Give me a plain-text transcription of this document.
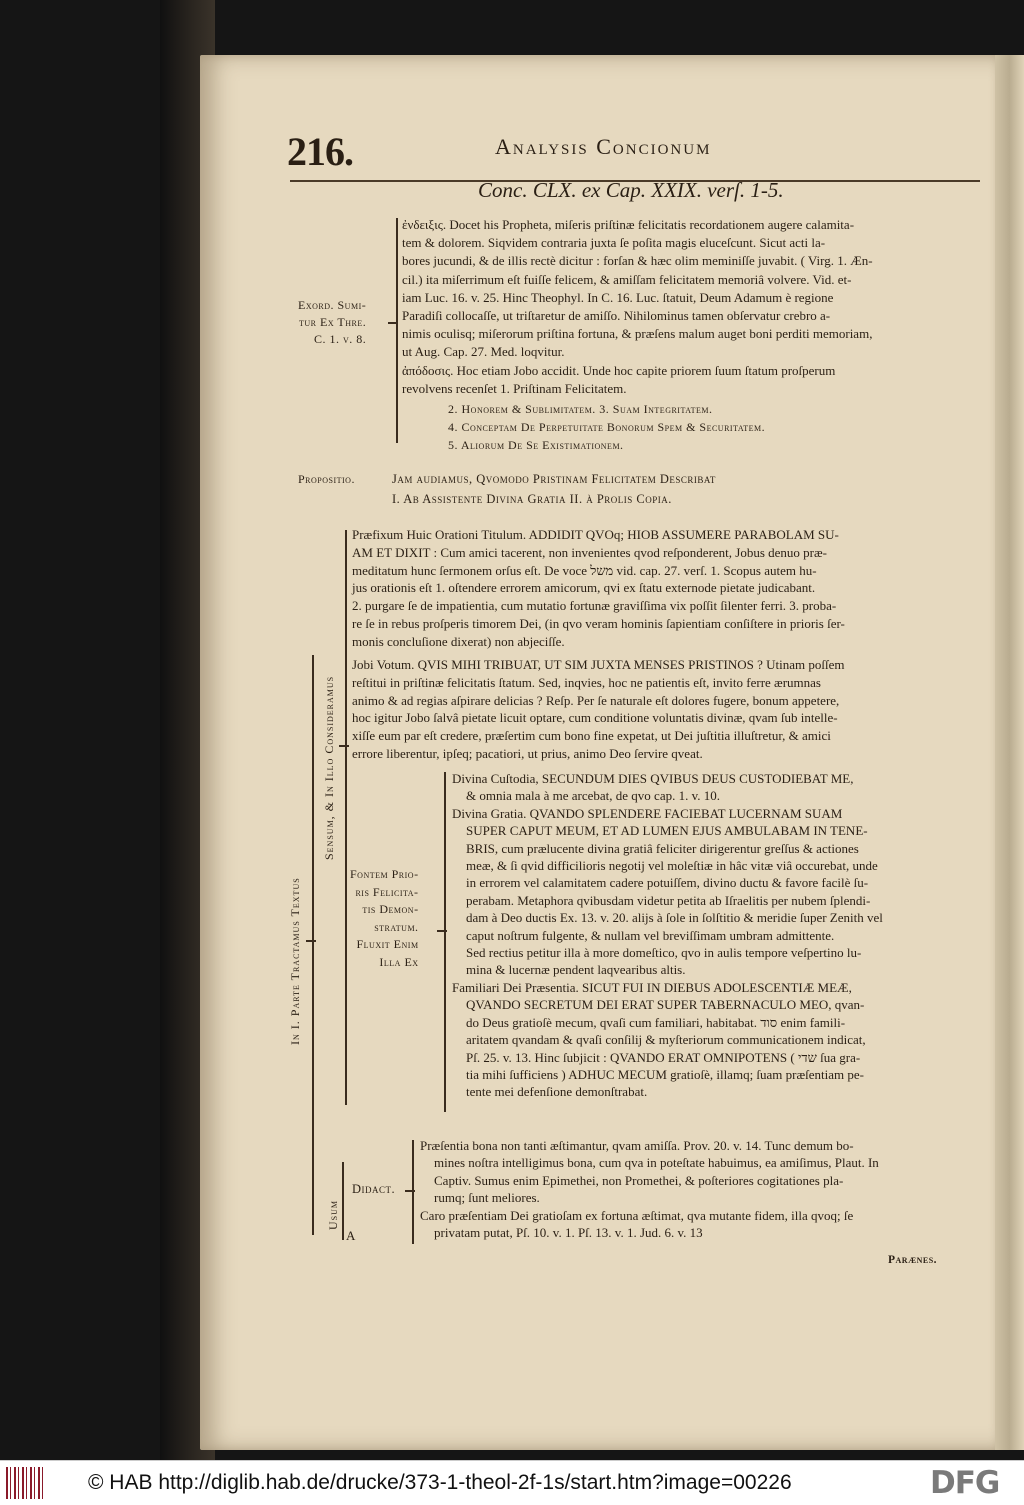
216.	Analysis Concionum
Conc. CLX. ex Cap. XXIX. verſ. 1-5.
Exord. Sumi-
tur Ex Thre.
C. 1. v. 8.
ἐνδειξις. Docet his Propheta, miſeris priſtinæ felicitatis recordationem augere calamita-
tem & dolorem. Siqvidem contraria juxta ſe poſita magis eluceſcunt. Sicut acti la-
bores jucundi, & de illis rectè dicitur : forſan & hæc olim meminiſſe juvabit. ( Virg. 1. Æn-
cil.) ita miſerrimum eſt fuiſſe felicem, & amiſſam felicitatem memoriâ volvere. Vid. et-
iam Luc. 16. v. 25. Hinc Theophyl. In C. 16. Luc. ſtatuit, Deum Adamum è regione
Paradiſi collocaſſe, ut triſtaretur de amiſſo. Nihilominus tamen obſervatur crebro a-
nimis oculisq; miſerorum priſtina fortuna, & præſens malum auget boni perditi memoriam,
ut Aug. Cap. 27. Med. loqvitur.
ἀπόδοσις. Hoc etiam Jobo accidit. Unde hoc capite priorem ſuum ſtatum proſperum
revolvens recenſet 1. Priſtinam Felicitatem.
2. Honorem & Sublimitatem. 3. Suam Integritatem.
4. Conceptam De Perpetuitate Bonorum Spem & Securitatem.
5. Aliorum De Se Exiſtimationem.
Propositio.	Jam audiamus, Qvomodo Priſtinam Felicitatem Deſcribat
I. Ab Aſſiſtente Divina Gratia II. à Prolis Copia.
In I. Parte Tractamus Textus
Senſum, & In Illo Conſideramus
Præfixum Huic Orationi Titulum. ADDIDIT QVOq; HIOB ASSUMERE PARABOLAM SU-
AM ET DIXIT : Cum amici tacerent, non invenientes qvod reſponderent, Jobus denuo præ-
meditatum hunc ſermonem orſus eſt. De voce משל vid. cap. 27. verſ. 1. Scopus autem hu-
jus orationis eſt 1. oſtendere errorem amicorum, qvi ex ſtatu externode pietate judicabant.
2. purgare ſe de impatientia, cum mutatio fortunæ graviſſima vix poſſit ſilenter ferri. 3. proba-
re ſe in rebus proſperis timorem Dei, (in qvo veram hominis ſapientiam conſiſtere in prioris ſer-
monis concluſione dixerat) non abjeciſſe.
Jobi Votum. QVIS MIHI TRIBUAT, UT SIM JUXTA MENSES PRISTINOS ? Utinam poſſem
reſtitui in priſtinæ felicitatis ſtatum. Sed, inqvies, hoc ne patientis eſt, invito ferre ærumnas
animo & ad regias aſpirare delicias ? Reſp. Per ſe naturale eſt dolores fugere, bonum appetere,
hoc igitur Jobo ſalvâ pietate licuit optare, cum conditione voluntatis divinæ, qvam ſub intelle-
xiſſe eum par eſt credere, præſertim cum bono fine expetat, ut Dei juſtitia illuſtretur, & amici
errore liberentur, ipſeq; pacatiori, ut prius, animo Deo ſervire qveat.
Fontem Prio-
ris Felicita-
tis Demon-
stratum.
Fluxit Enim
Illa Ex
Divina Cuſtodia, SECUNDUM DIES QVIBUS DEUS CUSTODIEBAT ME,
& omnia mala à me arcebat, de qvo cap. 1. v. 10.
Divina Gratia. QVANDO SPLENDERE FACIEBAT LUCERNAM SUAM
SUPER CAPUT MEUM, ET AD LUMEN EJUS AMBULABAM IN TENE-
BRIS, cum prælucente divina gratiâ feliciter dirigerentur greſſus & actiones
meæ, & ſi qvid difficilioris negotij vel moleſtiæ in hâc vitæ viâ occurebat, unde
in errorem vel calamitatem cadere potuiſſem, divino ductu & favore facilè ſu-
perabam. Metaphora qvibusdam videtur petita ab Iſraelitis per nubem ſplendi-
dam à Deo ductis Ex. 13. v. 20. alijs à ſole in ſolſtitio & meridie ſuper Zenith vel
caput noſtrum fulgente, & nullam vel breviſſimam umbram admittente.
Sed rectius petitur illa à more domeſtico, qvo in aulis tempore veſpertino lu-
mina & lucernæ pendent laqvearibus altis.
Familiari Dei Præsentia. SICUT FUI IN DIEBUS ADOLESCENTIÆ MEÆ,
QVANDO SECRETUM DEI ERAT SUPER TABERNACULO MEO, qvan-
do Deus gratioſè mecum, qvaſi cum familiari, habitabat. סוד enim famili-
aritatem qvandam & qvaſi conſilij & myſteriorum communicationem indicat,
Pſ. 25. v. 13. Hinc ſubjicit : QVANDO ERAT OMNIPOTENS ( שדי ſua gra-
tia mihi ſufficiens ) ADHUC MECUM gratioſè, illamq; ſuam præſentiam pe-
tente mei defenſione demonſtrabat.
Uſum
Didact.
A
Præſentia bona non tanti æſtimantur, qvam amiſſa. Prov. 20. v. 14. Tunc demum bo-
mines noſtra intelligimus bona, cum qva in poteſtate habuimus, ea amiſimus, Plaut. In
Captiv. Sumus enim Epimethei, non Promethei, & poſteriores cogitationes pla-
rumq; ſunt meliores.
Caro præſentiam Dei gratioſam ex fortuna æſtimat, qva mutante fidem, illa qvoq; ſe
privatam putat, Pſ. 10. v. 1. Pſ. 13. v. 1. Jud. 6. v. 13
Parænes.
© HAB http://diglib.hab.de/drucke/373-1-theol-2f-1s/start.htm?image=00226	DFG
